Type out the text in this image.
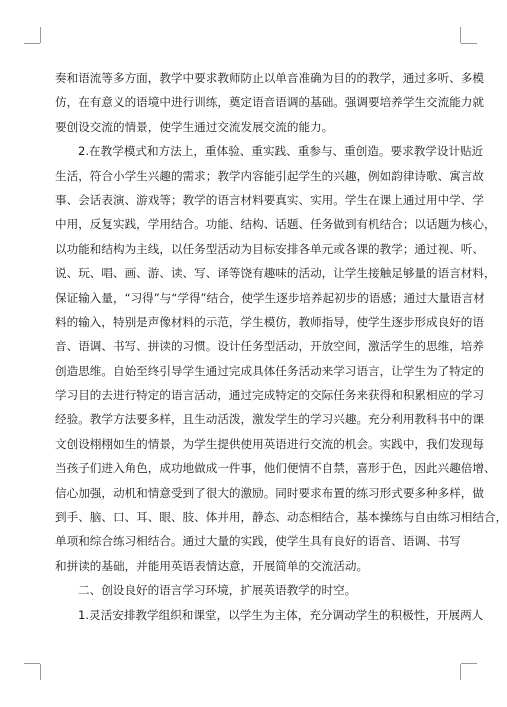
奏和语流等多方面，教学中要求教师防止以单音准确为目的的教学，通过多听、多模
仿，在有意义的语境中进行训练，奠定语音语调的基础。强调要培养学生交流能力就
要创设交流的情景，使学生通过交流发展交流的能力。
2.在教学模式和方法上，重体验、重实践、重参与、重创造。要求教学设计贴近
生活，符合小学生兴趣的需求；教学内容能引起学生的兴趣，例如韵律诗歌、寓言故
事、会话表演、游戏等；教学的语言材料要真实、实用。学生在课上通过用中学、学
中用，反复实践，学用结合。功能、结构、话题、任务做到有机结合；以话题为核心，
以功能和结构为主线，以任务型活动为目标安排各单元或各课的教学；通过视、听、
说、玩、唱、画、游、读、写、译等饶有趣味的活动，让学生接触足够量的语言材料，
保证输入量，“习得”与“学得”结合，使学生逐步培养起初步的语感；通过大量语言材
料的输入，特别是声像材料的示范，学生模仿，教师指导，使学生逐步形成良好的语
音、语调、书写、拼读的习惯。设计任务型活动，开放空间，激活学生的思维，培养
创造思维。自始至终引导学生通过完成具体任务活动来学习语言，让学生为了特定的
学习目的去进行特定的语言活动，通过完成特定的交际任务来获得和积累相应的学习
经验。教学方法要多样，且生动活泼，激发学生的学习兴趣。充分利用教科书中的课
文创设栩栩如生的情景，为学生提供使用英语进行交流的机会。实践中，我们发现每
当孩子们进入角色，成功地做成一件事，他们便情不自禁，喜形于色，因此兴趣倍增、
信心加强，动机和情意受到了很大的激励。同时要求布置的练习形式要多种多样，做
到手、脑、口、耳、眼、肢、体并用，静态、动态相结合，基本操练与自由练习相结合，
单项和综合练习相结合。通过大量的实践，使学生具有良好的语音、语调、书写
和拼读的基础，并能用英语表情达意，开展简单的交流活动。
二、创设良好的语言学习环境，扩展英语教学的时空。
1.灵活安排教学组织和课堂，以学生为主体，充分调动学生的积极性，开展两人
